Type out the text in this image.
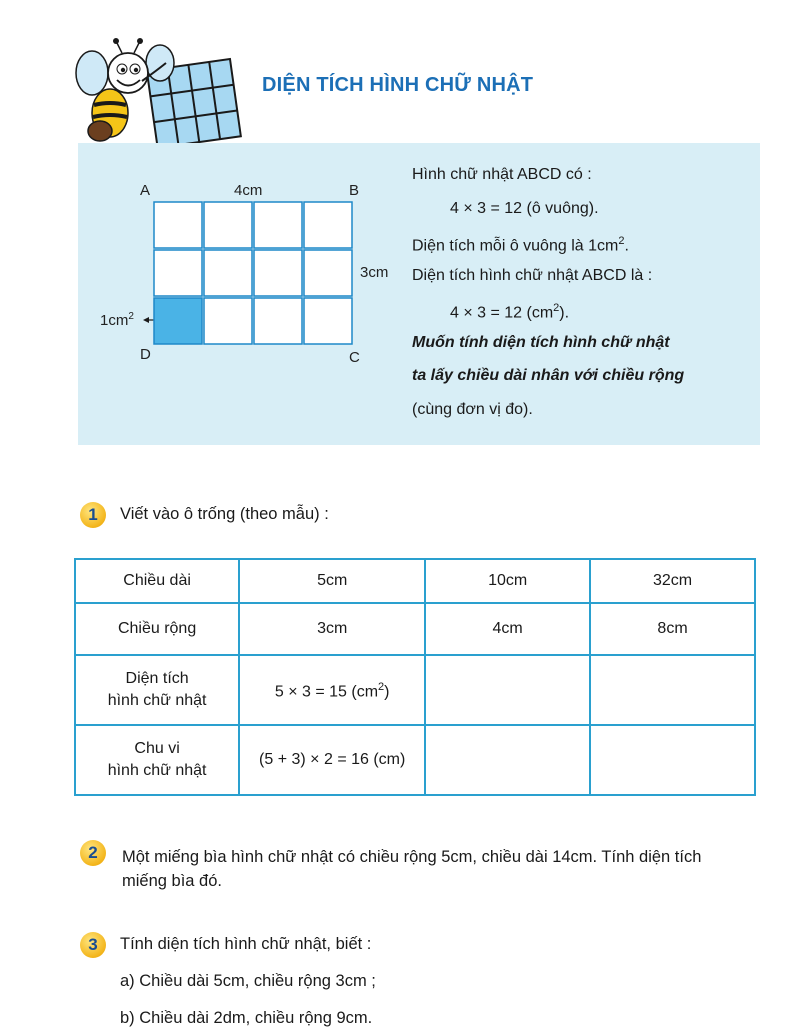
DIỆN TÍCH HÌNH CHỮ NHẬT
A	4cm	B
3cm
D	C
$1cm^2$
Hình chữ nhật ABCD có :
4 × 3 = 12 (ô vuông).
Diện tích mỗi ô vuông là $1cm^2$.
Diện tích hình chữ nhật ABCD là :
4 × 3 = 12 $(cm^2)$.
Muốn tính diện tích hình chữ nhật
ta lấy chiều dài nhân với chiều rộng
(cùng đơn vị đo).
1	Viết vào ô trống (theo mẫu) :
Chiều dài	5cm	10cm	32cm
Chiều rộng	3cm	4cm	8cm

Diện tích
hình chữ nhật	5 × 3 = 15 $(cm^2)$		

Chu vi
hình chữ nhật	(5 + 3) × 2 = 16 (cm)		
2	Một miếng bìa hình chữ nhật có chiều rộng 5cm, chiều dài 14cm. Tính diện tích
miếng bìa đó.
3	Tính diện tích hình chữ nhật, biết :
a) Chiều dài 5cm, chiều rộng 3cm ;
b) Chiều dài 2dm, chiều rộng 9cm.
